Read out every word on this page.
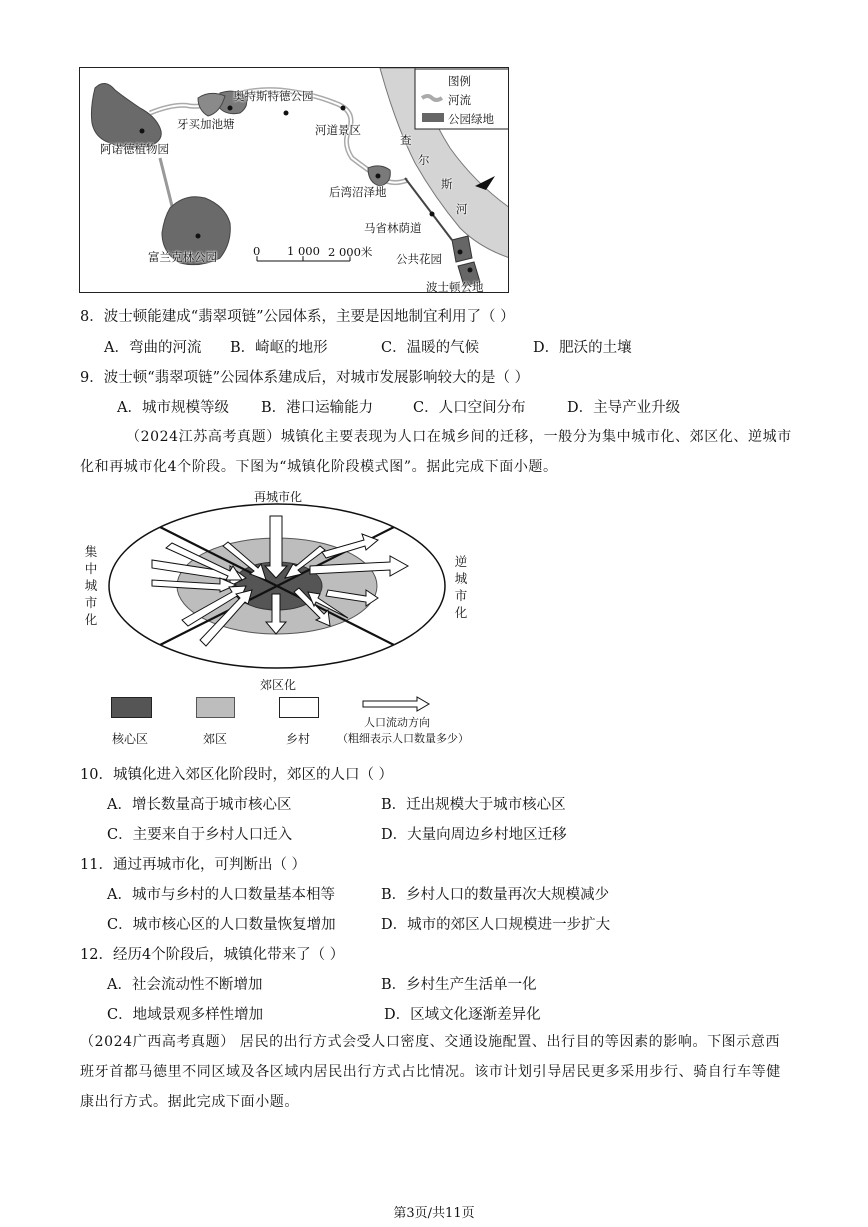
图例
河流
公园绿地
阿诺德植物园
牙买加池塘
奥特斯特德公园
河道景区
后湾沼泽地
富兰克林公园
马省林荫道
公共花园
波士顿公地
查
尔
斯
河
0 1 000 2 000米
8．波士顿能建成“翡翠项链”公园体系，主要是因地制宜利用了（ ）
A．弯曲的河流 B．崎岖的地形	C．温暖的气候	D．肥沃的土壤
9．波士顿“翡翠项链”公园体系建成后，对城市发展影响较大的是（ ）
A．城市规模等级 B．港口运输能力	C．人口空间分布	D．主导产业升级
（2024江苏高考真题）城镇化主要表现为人口在城乡间的迁移，一般分为集中城市化、郊区化、逆城市化和再城市化4个阶段。下图为“城镇化阶段模式图”。据此完成下面小题。
再城市化
郊区化
核心区	郊区	乡村
人口流动方向
（粗细表示人口数量多少）
集
中
城
市
化
逆
城
市
化
10．城镇化进入郊区化阶段时，郊区的人口（ ）
A．增长数量高于城市核心区	B．迁出规模大于城市核心区
C．主要来自于乡村人口迁入	D．大量向周边乡村地区迁移
11．通过再城市化，可判断出（ ）
A．城市与乡村的人口数量基本相等	B．乡村人口的数量再次大规模减少
C．城市核心区的人口数量恢复增加	D．城市的郊区人口规模进一步扩大
12．经历4个阶段后，城镇化带来了（ ）
A．社会流动性不断增加	B．乡村生产生活单一化
C．地域景观多样性增加	D．区域文化逐渐差异化
（2024广西高考真题） 居民的出行方式会受人口密度、交通设施配置、出行目的等因素的影响。下图示意西班牙首都马德里不同区域及各区域内居民出行方式占比情况。该市计划引导居民更多采用步行、骑自行车等健康出行方式。据此完成下面小题。
第3页/共11页
